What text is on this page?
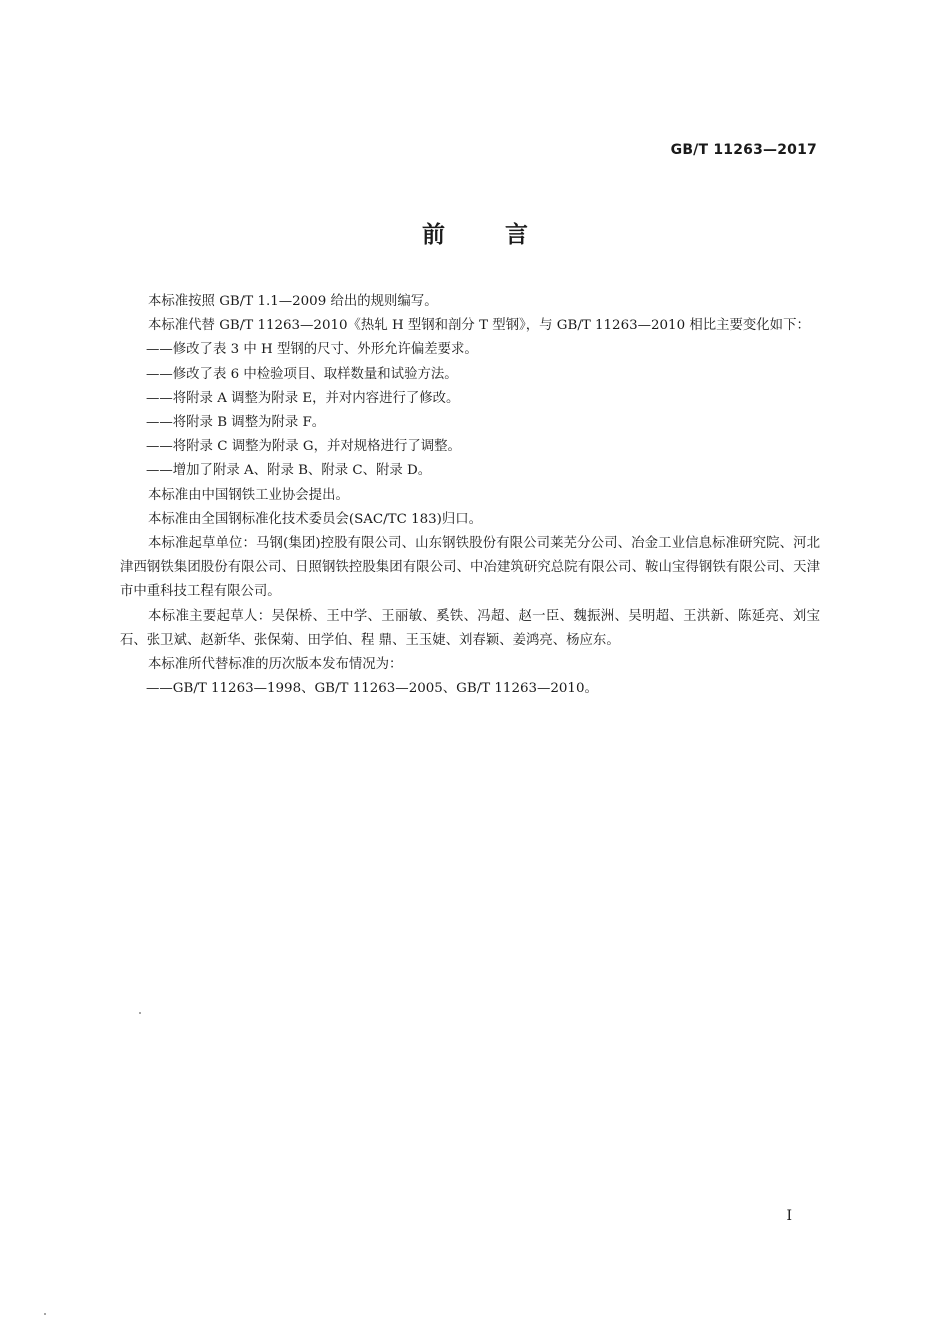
GB/T 11263—2017
前 言

本标准按照 GB/T 1.1—2009 给出的规则编写。

本标准代替 GB/T 11263—2010《热轧 H 型钢和剖分 T 型钢》，与 GB/T 11263—2010 相比主要变化如下：

——修改了表 3 中 H 型钢的尺寸、外形允许偏差要求。

——修改了表 6 中检验项目、取样数量和试验方法。

——将附录 A 调整为附录 E，并对内容进行了修改。

——将附录 B 调整为附录 F。

——将附录 C 调整为附录 G，并对规格进行了调整。

——增加了附录 A、附录 B、附录 C、附录 D。

本标准由中国钢铁工业协会提出。

本标准由全国钢标准化技术委员会(SAC/TC 183)归口。

本标准起草单位：马钢(集团)控股有限公司、山东钢铁股份有限公司莱芜分公司、冶金工业信息标准研究院、河北津西钢铁集团股份有限公司、日照钢铁控股集团有限公司、中冶建筑研究总院有限公司、鞍山宝得钢铁有限公司、天津市中重科技工程有限公司。

本标准主要起草人：吴保桥、王中学、王丽敏、奚铁、冯超、赵一臣、魏振洲、吴明超、王洪新、陈延亮、刘宝石、张卫斌、赵新华、张保菊、田学伯、程 鼎、王玉婕、刘春颖、姜鸿亮、杨应东。

本标准所代替标准的历次版本发布情况为：

——GB/T 11263—1998、GB/T 11263—2005、GB/T 11263—2010。

I
